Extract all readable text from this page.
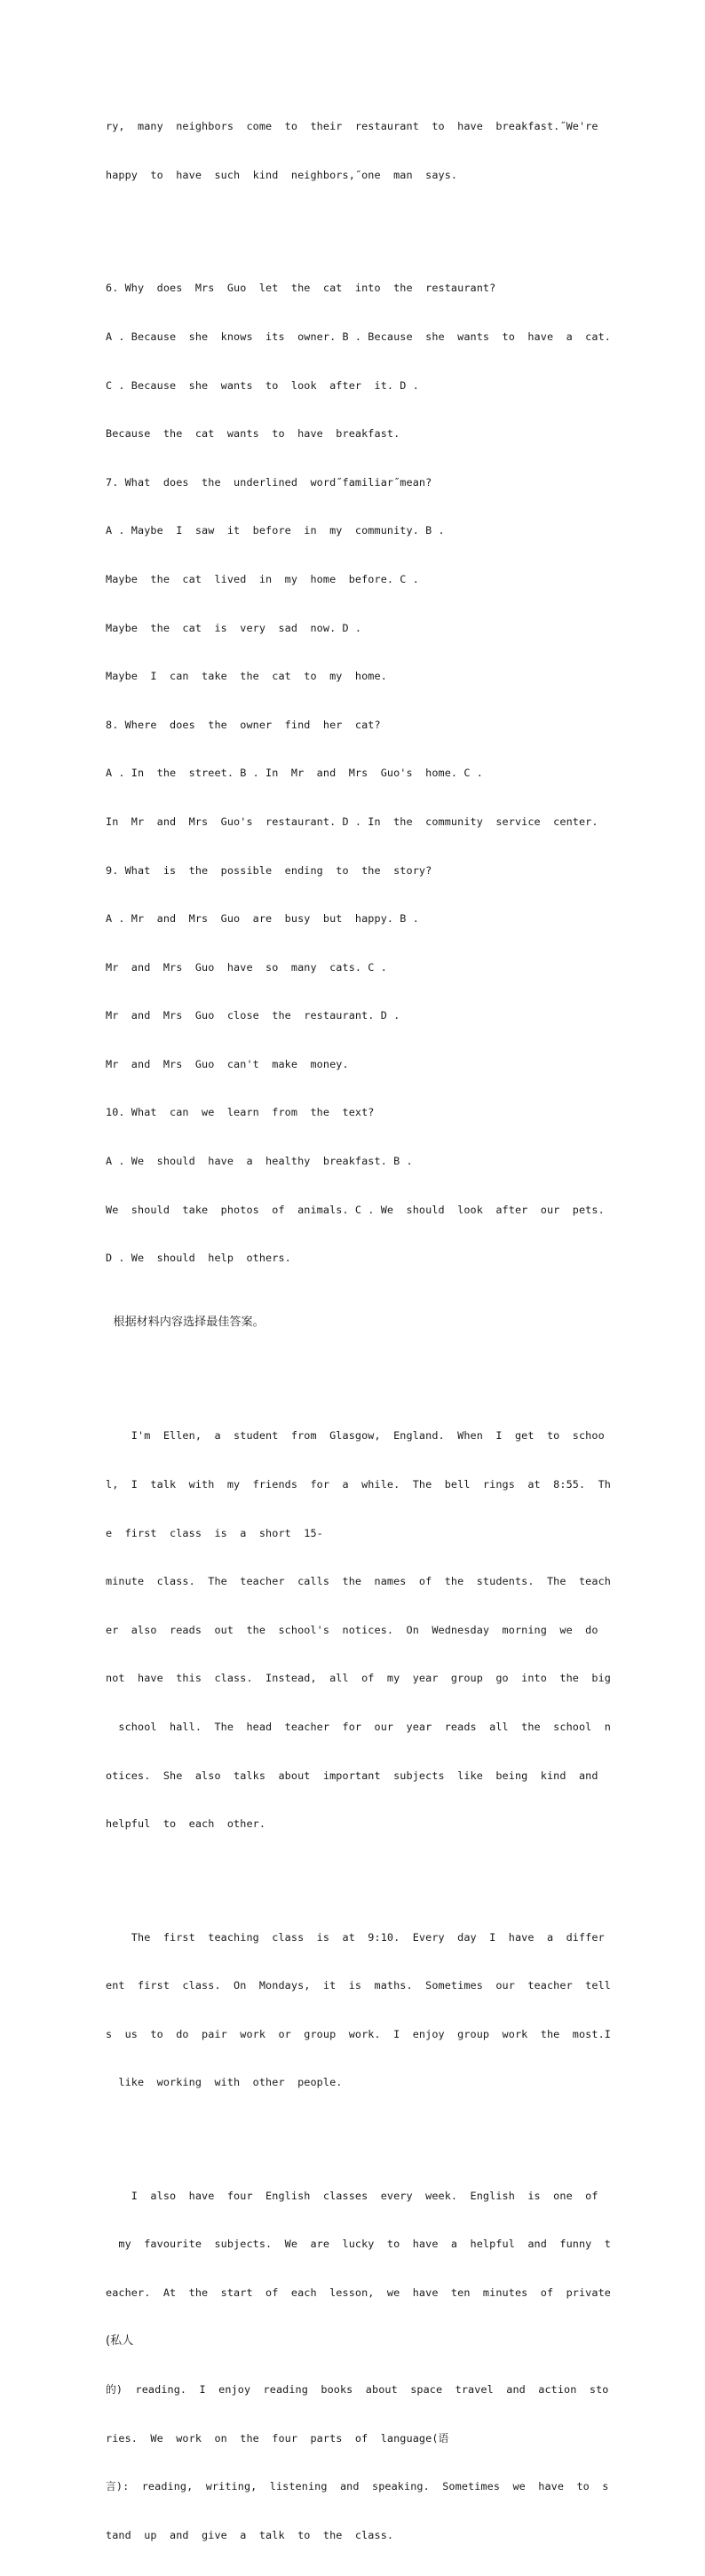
ry,  many  neighbors  come  to  their  restaurant  to  have  breakfast.˝We're

happy  to  have  such  kind  neighbors,˝one  man  says.

6. Why  does  Mrs  Guo  let  the  cat  into  the  restaurant?

A . Because  she  knows  its  owner. B . Because  she  wants  to  have  a  cat.

C . Because  she  wants  to  look  after  it. D .

Because  the  cat  wants  to  have  breakfast.

7. What  does  the  underlined  word˝familiar˝mean?

A . Maybe  I  saw  it  before  in  my  community. B .

Maybe  the  cat  lived  in  my  home  before. C .

Maybe  the  cat  is  very  sad  now. D .

Maybe  I  can  take  the  cat  to  my  home.

8. Where  does  the  owner  find  her  cat?

A . In  the  street. B . In  Mr  and  Mrs  Guo's  home. C .

In  Mr  and  Mrs  Guo's  restaurant. D . In  the  community  service  center.

9. What  is  the  possible  ending  to  the  story?

A . Mr  and  Mrs  Guo  are  busy  but  happy. B .

Mr  and  Mrs  Guo  have  so  many  cats. C .

Mr  and  Mrs  Guo  close  the  restaurant. D .

Mr  and  Mrs  Guo  can't  make  money.

10. What  can  we  learn  from  the  text?

A . We  should  have  a  healthy  breakfast. B .

We  should  take  photos  of  animals. C . We  should  look  after  our  pets.

D . We  should  help  others.

根据材料内容选择最佳答案。

I'm  Ellen,  a  student  from  Glasgow,  England.  When  I  get  to  schoo

l,  I  talk  with  my  friends  for  a  while.  The  bell  rings  at  8:55.  Th

e  first  class  is  a  short  15-

minute  class.  The  teacher  calls  the  names  of  the  students.  The  teach

er  also  reads  out  the  school's  notices.  On  Wednesday  morning  we  do

not  have  this  class.  Instead,  all  of  my  year  group  go  into  the  big

school  hall.  The  head  teacher  for  our  year  reads  all  the  school  n

otices.  She  also  talks  about  important  subjects  like  being  kind  and

helpful  to  each  other.

The  first  teaching  class  is  at  9:10.  Every  day  I  have  a  differ

ent  first  class.  On  Mondays,  it  is  maths.  Sometimes  our  teacher  tell

s  us  to  do  pair  work  or  group  work.  I  enjoy  group  work  the  most.I

like  working  with  other  people.

I  also  have  four  English  classes  every  week.  English  is  one  of

my  favourite  subjects.  We  are  lucky  to  have  a  helpful  and  funny  t

eacher.  At  the  start  of  each  lesson,  we  have  ten  minutes  of  private

(私人

的)  reading.  I  enjoy  reading  books  about  space  travel  and  action  sto

ries.  We  work  on  the  four  parts  of  language(语

言):  reading,  writing,  listening  and  speaking.  Sometimes  we  have  to  s

tand  up  and  give  a  talk  to  the  class.
